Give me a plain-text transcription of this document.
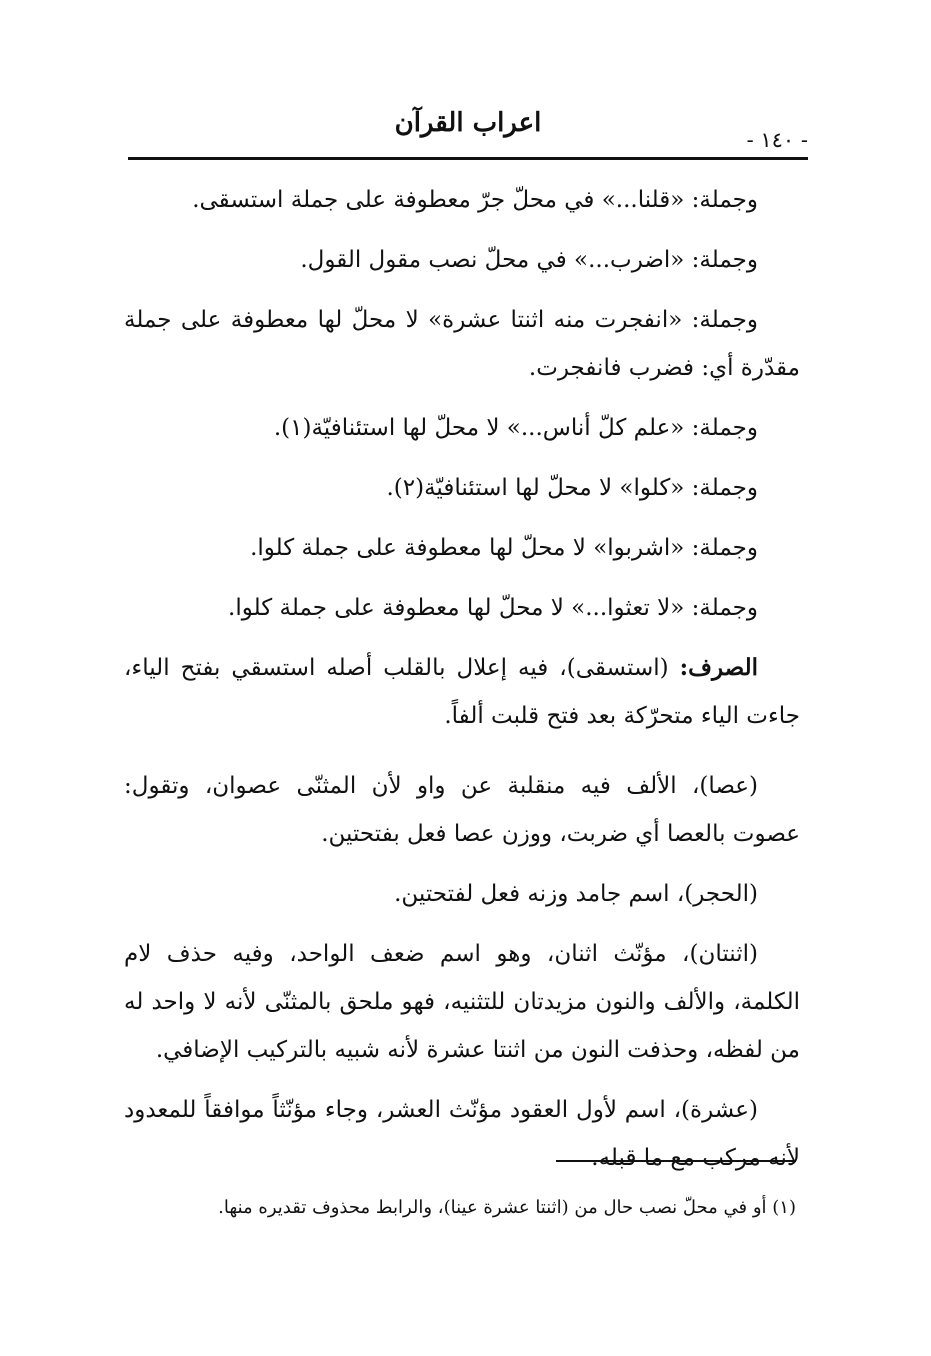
اعراب القرآن
- ١٤٠ -

وجملة: «قلنا...» في محلّ جرّ معطوفة على جملة استسقى.

وجملة: «اضرب...» في محلّ نصب مقول القول.

وجملة: «انفجرت منه اثنتا عشرة» لا محلّ لها معطوفة على جملة مقدّرة أي: فضرب فانفجرت.

وجملة: «علم كلّ أناس...» لا محلّ لها استئنافيّة(١).

وجملة: «كلوا» لا محلّ لها استئنافيّة(٢).

وجملة: «اشربوا» لا محلّ لها معطوفة على جملة كلوا.

وجملة: «لا تعثوا...» لا محلّ لها معطوفة على جملة كلوا.

الصرف: (استسقى)، فيه إعلال بالقلب أصله استسقي بفتح الياء، جاءت الياء متحرّكة بعد فتح قلبت ألفاً.

(عصا)، الألف فيه منقلبة عن واو لأن المثنّى عصوان، وتقول: عصوت بالعصا أي ضربت، ووزن عصا فعل بفتحتين.

(الحجر)، اسم جامد وزنه فعل لفتحتين.

(اثنتان)، مؤنّث اثنان، وهو اسم ضعف الواحد، وفيه حذف لام الكلمة، والألف والنون مزيدتان للتثنيه، فهو ملحق بالمثنّى لأنه لا واحد له من لفظه، وحذفت النون من اثنتا عشرة لأنه شبيه بالتركيب الإضافي.

(عشرة)، اسم لأول العقود مؤنّث العشر، وجاء مؤنّثاً موافقاً للمعدود لأنه مركب مع ما قبله.

(١) أو في محلّ نصب حال من (اثنتا عشرة عينا)، والرابط محذوف تقديره منها.
